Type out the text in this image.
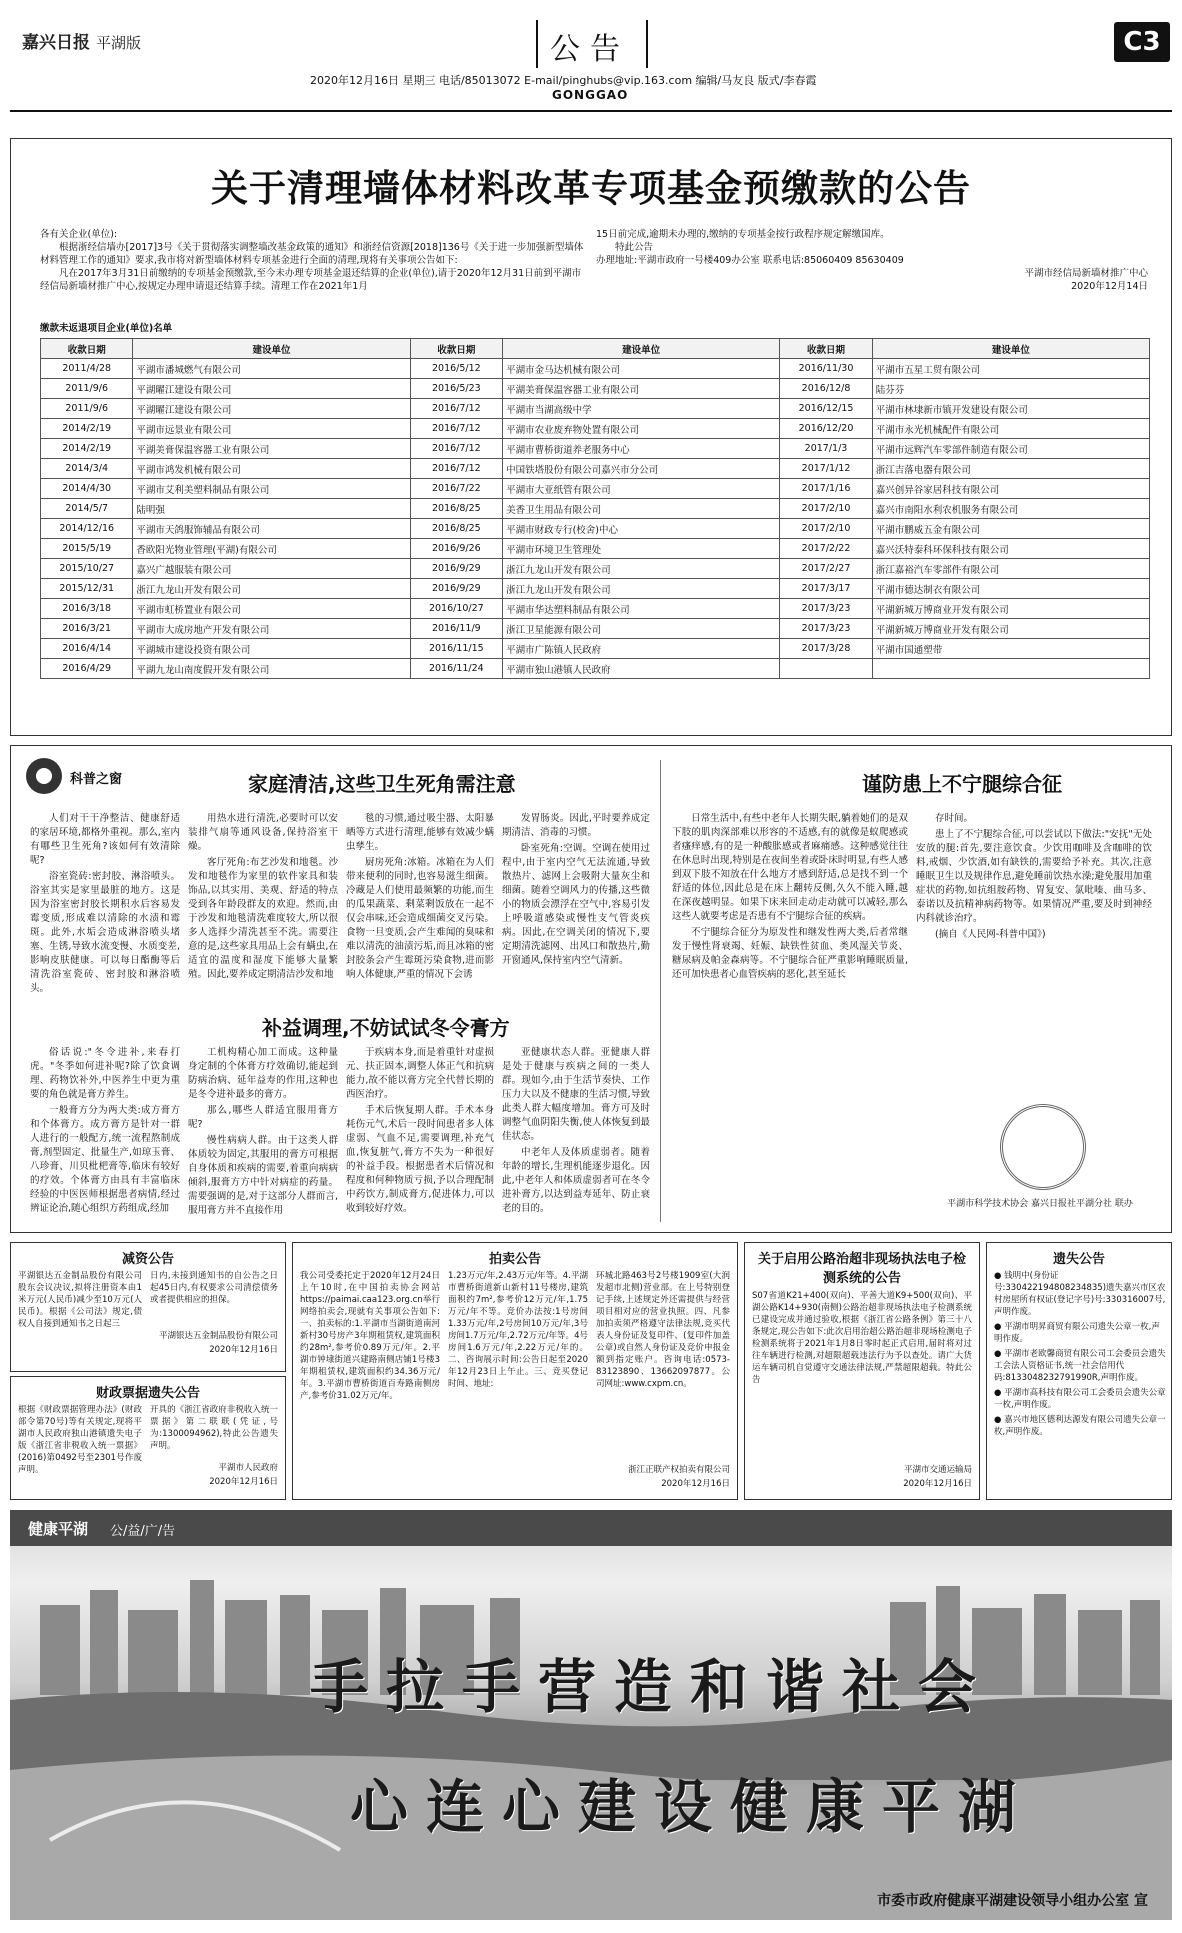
嘉兴日报 平湖版	公告	C3
2020年12月16日 星期三 电话/85013072 E-mail/pinghubs@vip.163.com 编辑/马友良 版式/李春霞
GONGGAO
关于清理墙体材料改革专项基金预缴款的公告
各有关企业(单位):
根据浙经信墙办[2017]3号《关于贯彻落实调整墙改基金政策的通知》和浙经信资源[2018]136号《关于进一步加强新型墙体材料管理工作的通知》要求,我市将对新型墙体材料专项基金进行全面的清理,现将有关事项公告如下:
凡在2017年3月31日前缴纳的专项基金预缴款,至今未办理专项基金退还结算的企业(单位),请于2020年12月31日前到平湖市经信局新墙材推广中心,按规定办理申请退还结算手续。清理工作在2021年1月
15日前完成,逾期未办理的,缴纳的专项基金按行政程序规定解缴国库。
特此公告
办理地址:平湖市政府一号楼409办公室 联系电话:85060409 85630409
平湖市经信局新墙材推广中心
2020年12月14日
缴款未返退项目企业(单位)名单
收款日期	建设单位	收款日期	建设单位	收款日期	建设单位
2011/4/28	平湖市潘城燃气有限公司	2016/5/12	平湖市金马达机械有限公司	2016/11/30	平湖市五星工贸有限公司
2011/9/6	平湖曜江建设有限公司	2016/5/23	平湖美膏保温容器工业有限公司	2016/12/8	陆芬芬
2011/9/6	平湖曜江建设有限公司	2016/7/12	平湖市当湖高级中学	2016/12/15	平湖市林埭新市镇开发建设有限公司
2014/2/19	平湖市远景业有限公司	2016/7/12	平湖市农业废弃物处置有限公司	2016/12/20	平湖市永光机械配件有限公司
2014/2/19	平湖美膏保温容器工业有限公司	2016/7/12	平湖市曹桥街道养老服务中心	2017/1/3	平湖市远辉汽车零部件制造有限公司
2014/3/4	平湖市鸿发机械有限公司	2016/7/12	中国铁塔股份有限公司嘉兴市分公司	2017/1/12	浙江吉落电器有限公司
2014/4/30	平湖市艾利美塑料制品有限公司	2016/7/22	平湖市大亚纸管有限公司	2017/1/16	嘉兴创异谷家居科技有限公司
2014/5/7	陆明强	2016/8/25	美香卫生用品有限公司	2017/2/10	嘉兴市南阳水利农机服务有限公司
2014/12/16	平湖市天鸽服饰辅品有限公司	2016/8/25	平湖市财政专行(校舍)中心	2017/2/10	平湖市鹏威五金有限公司
2015/5/19	香欧阳光物业管理(平湖)有限公司	2016/9/26	平湖市环境卫生管理处	2017/2/22	嘉兴沃特泰科环保科技有限公司
2015/10/27	嘉兴广越服装有限公司	2016/9/29	浙江九龙山开发有限公司	2017/2/27	浙江嘉裕汽车零部件有限公司
2015/12/31	浙江九龙山开发有限公司	2016/9/29	浙江九龙山开发有限公司	2017/3/17	平湖市德达制衣有限公司
2016/3/18	平湖市虹桥置业有限公司	2016/10/27	平湖市华达塑料制品有限公司	2017/3/23	平湖新城万博商业开发有限公司
2016/3/21	平湖市大成房地产开发有限公司	2016/11/9	浙江卫星能源有限公司	2017/3/23	平湖新城万博商业开发有限公司
2016/4/14	平湖城市建设投资有限公司	2016/11/15	平湖市广陈镇人民政府	2017/3/28	平湖市国通塑带
2016/4/29	平湖九龙山南度假开发有限公司	2016/11/24	平湖市独山港镇人民政府		
科普之窗	家庭清洁,这些卫生死角需注意	谨防患上不宁腿综合征

人们对干干净整洁、健康舒适的家居环境,都格外重视。那么,室内有哪些卫生死角?该如何有效清除呢?

浴室瓷砖:密封胶、淋浴喷头。浴室其实是家里最脏的地方。这是因为浴室密封胶长期积水后容易发霉变质,形成难以清除的水渍和霉斑。此外,水垢会造成淋浴喷头堵塞、生锈,导致水流变慢、水质变差,影响皮肤健康。可以每日酯酶等后清洗浴室瓷砖、密封胶和淋浴喷头。

用热水进行清洗,必要时可以安装排气扇等通风设备,保持浴室干燥。

客厅死角:布艺沙发和地毯。沙发和地毯作为家里的软件家具和装饰品,以其实用、美观、舒适的特点受到各年龄段群友的欢迎。然而,由于沙发和地毯清洗难度较大,所以很多人选择少清洗甚至不洗。需要注意的是,这些家具用品上会有螨虫,在适宜的温度和湿度下能够大量繁殖。因此,要养成定期清洁沙发和地

毯的习惯,通过吸尘器、太阳暴晒等方式进行清理,能够有效减少螨虫孳生。

厨房死角:冰箱。冰箱在为人们带来便利的同时,也容易滋生细菌。冷藏是人们使用最频繁的功能,而生的瓜果蔬菜、剩菜剩饭放在一起不仅会串味,还会造成细菌交叉污染。食物一旦变质,会产生难闻的臭味和难以清洗的油渍污垢,而且冰箱的密封胶条会产生霉斑污染食物,进而影响人体健康,严重的情况下会诱

发胃肠炎。因此,平时要养成定期清洁、消毒的习惯。

卧室死角:空调。空调在使用过程中,由于室内空气无法流通,导致散热片、滤网上会吸附大量灰尘和细菌。随着空调风力的传播,这些微小的物质会漂浮在空气中,容易引发上呼吸道感染或慢性支气管炎疾病。因此,在空调关闭的情况下,要定期清洗滤网、出风口和散热片,勤开窗通风,保持室内空气清新。

补益调理,不妨试试冬令膏方

俗话说:"冬令进补,来春打虎。"冬季如何进补呢?除了饮食调理、药物饮补外,中医养生中更为重要的角色就是膏方养生。

一般膏方分为两大类:成方膏方和个体膏方。成方膏方是针对一群人进行的一般配方,统一流程熬制成膏,剂型固定、批量生产,如琼玉膏、八珍膏、川贝枇杷膏等,临床有较好的疗效。个体膏方由具有丰富临床经验的中医医师根据患者病情,经过辨证论治,随心组织方药组成,经加

工机构精心加工而成。这种量身定制的个体膏方疗效确切,能起到防病治病、延年益寿的作用,这种也是冬令进补最多的膏方。

那么,哪些人群适宜服用膏方呢?

慢性病病人群。由于这类人群体质较为固定,其服用的膏方可根据自身体质和疾病的需要,着重向病病倾斜,服膏方方中针对病症的药量。需要强调的是,对于这部分人群而言,服用膏方并不直接作用

于疾病本身,而是着重针对虚损元、扶正固本,调整人体正气和抗病能力,故不能以膏方完全代替长期的西医治疗。

手术后恢复期人群。手术本身耗伤元气,术后一段时间患者多人体虚弱、气血不足,需要调理,补充气血,恢复脏气,膏方不失为一种很好的补益手段。根据患者术后情况和程度和何种物质亏损,予以合理配制中药饮方,制成膏方,促进体力,可以收到较好疗效。

亚健康状态人群。亚健康人群是处于健康与疾病之间的一类人群。现如今,由于生活节奏快、工作压力大以及不健康的生活习惯,导致此类人群大幅度增加。膏方可及时调整气血阴阳失衡,使人体恢复到最佳状态。

中老年人及体质虚弱者。随着年龄的增长,生理机能逐步退化。因此,中老年人和体质虚弱者可在冬令进补膏方,以达到益寿延年、防止衰老的目的。

日常生活中,有些中老年人长期失眠,躺着她们的是双下肢的肌肉深部难以形容的不适感,有的就像是蚁爬感或者瘙痒感,有的是一种酸胀感或者麻痛感。这种感觉往往在休息时出现,特别是在夜间坐着或卧床时明显,有些人感到双下肢不知放在什么地方才感到舒适,总是找不到一个舒适的体位,因此总是在床上翻转反侧,久久不能入睡,越在深夜越明显。如果下床来回走动走动就可以减轻,那么这些人就要考虑是否患有不宁腿综合征的疾病。

不宁腿综合征分为原发性和继发性两大类,后者常继发于慢性肾衰竭、妊娠、缺铁性贫血、类风湿关节炎、糖尿病及帕金森病等。不宁腿综合征严重影响睡眠质量,还可加快患者心血管疾病的恶化,甚至延长

存时间。

患上了不宁腿综合征,可以尝试以下做法:"安抚"无处安放的腿:首先,要注意饮食。少饮用咖啡及含咖啡的饮料,戒烟、少饮酒,如有缺铁的,需要给予补充。其次,注意睡眠卫生以及规律作息,避免睡前饮热水澡;避免服用加重症状的药物,如抗组胺药物、胃复安、氯吡嗪、曲马多、泰诺以及抗精神病药物等。如果情况严重,要及时到神经内科就诊治疗。

(摘自《人民网-科普中国》)

平湖市科学技术协会 嘉兴日报社平湖分社 联办
减资公告
平湖银达五金制品股份有限公司股东会议决议,拟将注册资本由1米万元(人民币)减少至10万元(人民币)。根据《公司法》规定,债权人自接到通知书之日起三
日内,未接到通知书的自公告之日起45日内,有权要求公司清偿债务或者提供相应的担保。
平湖银达五金制品股份有限公司
2020年12月16日
财政票据遗失公告
根据《财政票据管理办法》(财政部令第70号)等有关规定,现将平湖市人民政府独山港镇遗失电子版《浙江省非税收入统一票据》(2016)第0492号至2301号作废声明。
开具的《浙江省政府非税收入统一票据》第二联联(凭证,号为:1300094962),特此公告遗失声明。
平湖市人民政府
2020年12月16日
拍卖公告
我公司受委托定于2020年12月24日上午10时,在中国拍卖协会网站https://paimai.caa123.org.cn举行网络拍卖会,现就有关事项公告如下:一、拍卖标的:1.平湖市当湖街道南河新村30号房产3年期租赁权,建筑面积约28m²,参考价0.89万元/年。2.平湖市钟埭街道兴建路南侧店铺1号楼3年期租赁权,建筑面积约34.36万元/年。3.平湖市曹桥街道百寿路南侧房产,参考价31.02万元/年。
1.23万元/年,2.43万元/年等。4.平湖市曹桥街道新山新村11号楼房,建筑面积约7m²,参考价12万元/年,1.75万元/年不等。竞价办法按:1号房间1.33万元/年,2号房间10万元/年,3号房间1.7万元/年,2.72万元/年等。4号房间1.6万元/年,2.22万元/年的。二、咨询展示时间:公告日起至2020年12月23日上午止。三、竞买登记时间、地址:
环城北路463号2号楼1909室(大润发超市北侧)营业部。在上号特别登记手续,上述规定外还需提供与经营项目相对应的营业执照。四、凡参加拍卖须严格遵守法律法规,竞买代表人身份证及复印件、(复印件加盖公章)或自然人身份证及竞价申报金额到指定账户。咨询电话:0573-83123890、13662097877。公司网址:www.cxpm.cn。
浙江正联产权拍卖有限公司
2020年12月16日
关于启用公路治超非现场执法电子检测系统的公告
S07省道K21+400(双向)、平善大道K9+500(双向)、平湖公路K14+930(南侧)公路治超非现场执法电子检测系统已建设完成并通过验收,根据《浙江省公路条例》第三十八条规定,现公告如下:此次启用治超公路治超非现场检测电子检测系统将于2021年1月8日零时起正式启用,届时将对过往车辆进行检测,对超限超载违法行为予以查处。请广大货运车辆司机自觉遵守交通法律法规,严禁超限超载。特此公告
平湖市交通运输局
2020年12月16日
遗失公告
● 钱明中(身份证号:330422194808234835)遗失嘉兴市区农村房屋所有权证(登记字号)号:330316007号,声明作废。
● 平湖市明昇商贸有限公司遗失公章一枚,声明作废。
● 平湖市老欧馨商贸有限公司工会委员会遗失工会法人资格证书,统一社会信用代码:8133048232791990R,声明作废。
● 平湖市高科技有限公司工会委员会遗失公章一枚,声明作废。
● 嘉兴市地区德利达源发有限公司遗失公章一枚,声明作废。
健康平湖 公/益/广/告
手拉手营造和谐社会
心连心建设健康平湖
市委市政府健康平湖建设领导小组办公室 宣
